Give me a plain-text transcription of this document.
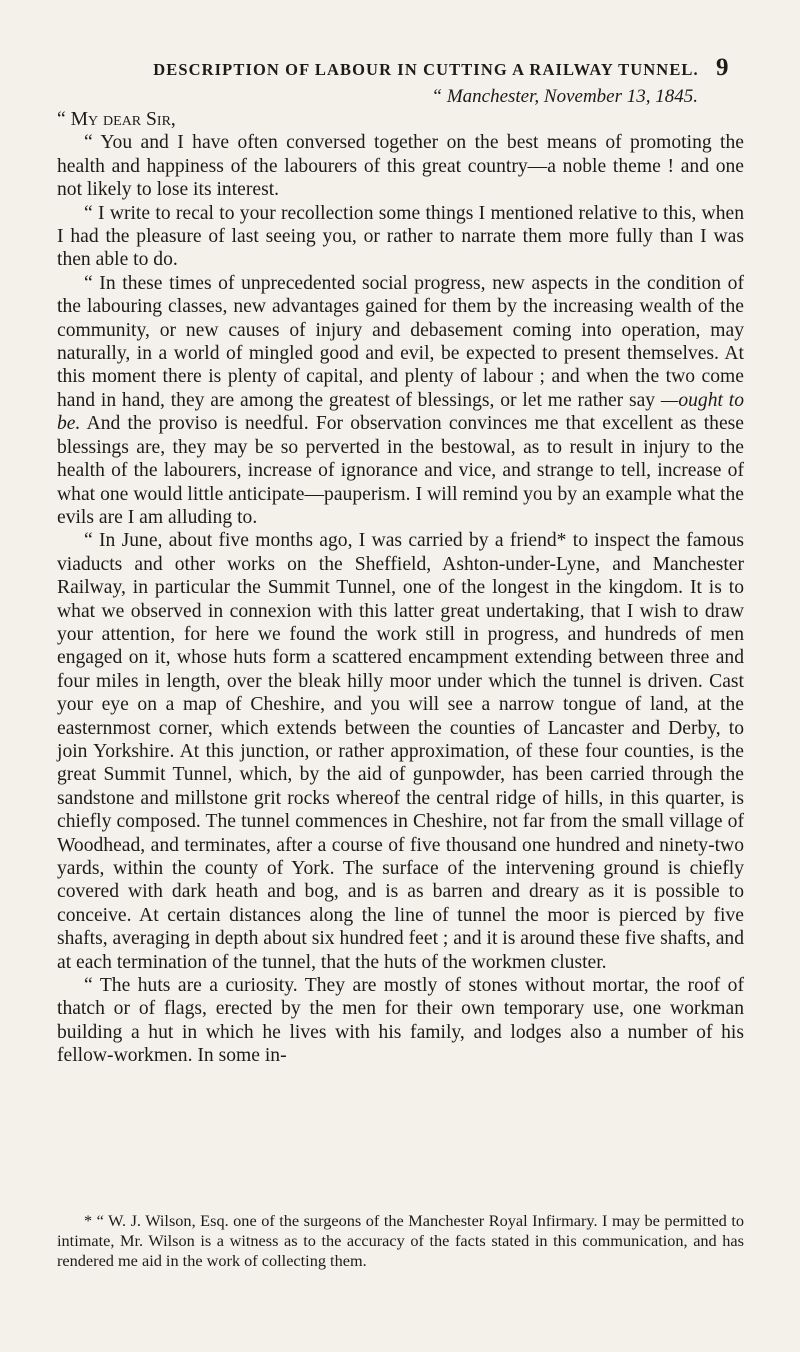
DESCRIPTION OF LABOUR IN CUTTING A RAILWAY TUNNEL. 9
“ Manchester, November 13, 1845.

“ My dear Sir,

“ You and I have often conversed together on the best means of promoting the health and happiness of the labourers of this great country—a noble theme ! and one not likely to lose its interest.

“ I write to recal to your recollection some things I mentioned relative to this, when I had the pleasure of last seeing you, or rather to narrate them more fully than I was then able to do.

“ In these times of unprecedented social progress, new aspects in the condition of the labouring classes, new advantages gained for them by the increasing wealth of the community, or new causes of injury and debasement coming into operation, may naturally, in a world of mingled good and evil, be expected to present themselves. At this moment there is plenty of capital, and plenty of labour ; and when the two come hand in hand, they are among the greatest of blessings, or let me rather say —ought to be. And the proviso is needful. For observation convinces me that excellent as these blessings are, they may be so perverted in the bestowal, as to result in injury to the health of the labourers, increase of ignorance and vice, and strange to tell, increase of what one would little anticipate—pauperism. I will remind you by an example what the evils are I am alluding to.

“ In June, about five months ago, I was carried by a friend* to inspect the famous viaducts and other works on the Sheffield, Ashton-under-Lyne, and Manchester Railway, in particular the Summit Tunnel, one of the longest in the kingdom. It is to what we observed in connexion with this latter great undertaking, that I wish to draw your attention, for here we found the work still in progress, and hundreds of men engaged on it, whose huts form a scattered encampment extending between three and four miles in length, over the bleak hilly moor under which the tunnel is driven. Cast your eye on a map of Cheshire, and you will see a narrow tongue of land, at the easternmost corner, which extends between the counties of Lancaster and Derby, to join Yorkshire. At this junction, or rather approximation, of these four counties, is the great Summit Tunnel, which, by the aid of gunpowder, has been carried through the sandstone and millstone grit rocks whereof the central ridge of hills, in this quarter, is chiefly composed. The tunnel commences in Cheshire, not far from the small village of Woodhead, and terminates, after a course of five thousand one hundred and ninety-two yards, within the county of York. The surface of the intervening ground is chiefly covered with dark heath and bog, and is as barren and dreary as it is possible to conceive. At certain distances along the line of tunnel the moor is pierced by five shafts, averaging in depth about six hundred feet ; and it is around these five shafts, and at each termination of the tunnel, that the huts of the workmen cluster.

“ The huts are a curiosity. They are mostly of stones without mortar, the roof of thatch or of flags, erected by the men for their own temporary use, one workman building a hut in which he lives with his family, and lodges also a number of his fellow-workmen. In some in-

* “ W. J. Wilson, Esq. one of the surgeons of the Manchester Royal Infirmary. I may be permitted to intimate, Mr. Wilson is a witness as to the accuracy of the facts stated in this communication, and has rendered me aid in the work of collecting them.
